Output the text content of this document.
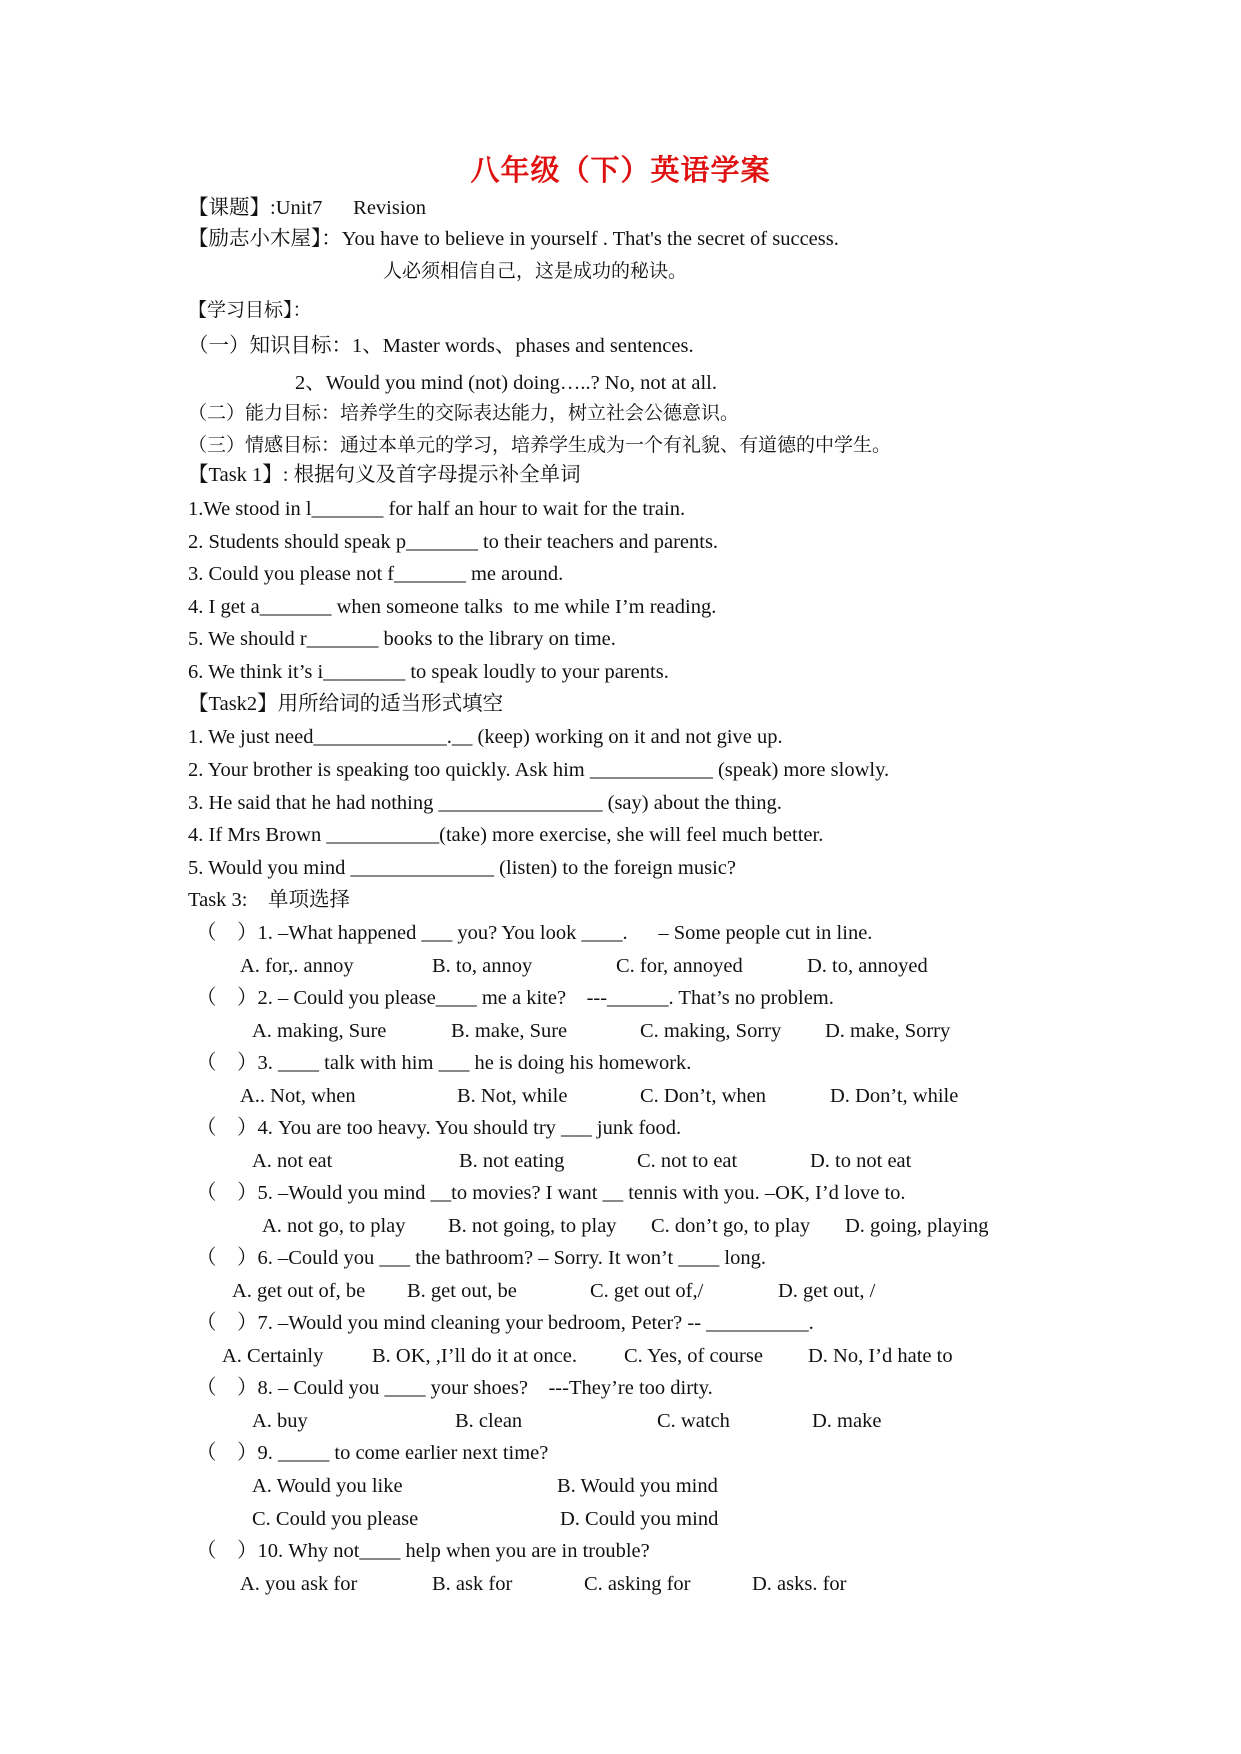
八年级（下）英语学案
【课题】:Unit7      Revision
【励志小木屋】：You have to believe in yourself . That's the secret of success.
人必须相信自己，这是成功的秘诀。
【学习目标】：
（一）知识目标：1、Master words、phases and sentences.
2、Would you mind (not) doing…..? No, not at all.
（二）能力目标：培养学生的交际表达能力，树立社会公德意识。
（三）情感目标：通过本单元的学习，培养学生成为一个有礼貌、有道德的中学生。
【Task 1】: 根据句义及首字母提示补全单词
1.We stood in l_______ for half an hour to wait for the train.
2. Students should speak p_______ to their teachers and parents.
3. Could you please not f_______ me around.
4. I get a_______ when someone talks  to me while I’m reading.
5. We should r_______ books to the library on time.
6. We think it’s i________ to speak loudly to your parents.
【Task2】用所给词的适当形式填空
1. We just need_____________.__ (keep) working on it and not give up.
2. Your brother is speaking too quickly. Ask him ____________ (speak) more slowly.
3. He said that he had nothing ________________ (say) about the thing.
4. If Mrs Brown ___________(take) more exercise, she will feel much better.
5. Would you mind ______________ (listen) to the foreign music?
Task 3:    单项选择
（    ）1. –What happened ___ you? You look ____.      – Some people cut in line.
A. for,. annoy	B. to, annoy	C. for, annoyed	D. to, annoyed
（    ）2. – Could you please____ me a kite?    ---______. That’s no problem.
A. making, Sure	B. make, Sure	C. making, Sorry D. make, Sorry
（    ）3. ____ talk with him ___ he is doing his homework.
A.. Not, when	B. Not, while	C. Don’t, when	D. Don’t, while
（    ）4. You are too heavy. You should try ___ junk food.
A. not eat	B. not eating	C. not to eat	D. to not eat
（    ）5. –Would you mind __to movies? I want __ tennis with you. –OK, I’d love to.
A. not go, to play B. not going, to play C. don’t go, to play D. going, playing
（    ）6. –Could you ___ the bathroom? – Sorry. It won’t ____ long.
A. get out of, be B. get out, be	C. get out of,/	D. get out, /
（    ）7. –Would you mind cleaning your bedroom, Peter? -- __________.
A. Certainly B. OK, ,I’ll do it at once. C. Yes, of course D. No, I’d hate to
（    ）8. – Could you ____ your shoes?    ---They’re too dirty.
A. buy	B. clean	C. watch	D. make
（    ）9. _____ to come earlier next time?
A. Would you like	B. Would you mind
C. Could you please	D. Could you mind
（    ）10. Why not____ help when you are in trouble?
A. you ask for	B. ask for	C. asking for	D. asks. for
